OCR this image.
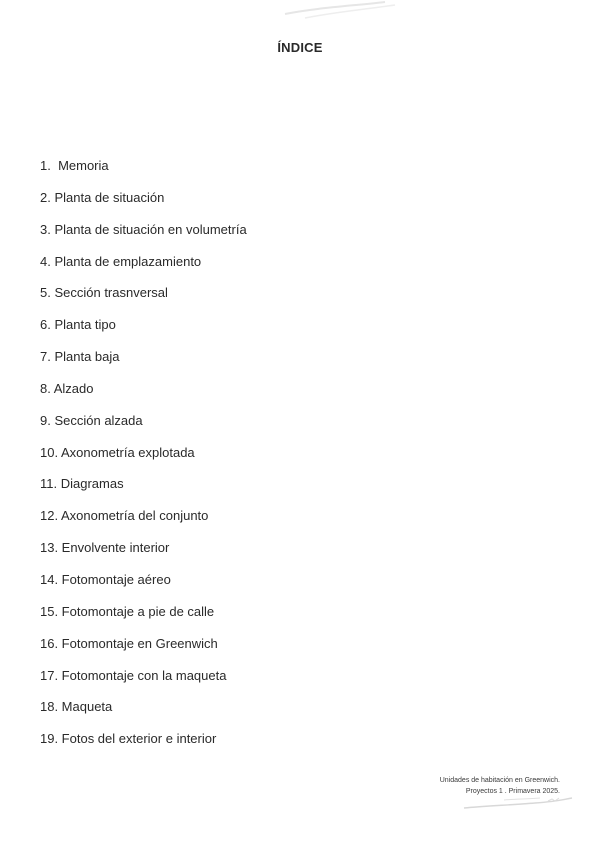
ÍNDICE
1.  Memoria
2. Planta de situación
3. Planta de situación en volumetría
4. Planta de emplazamiento
5. Sección trasnversal
6. Planta tipo
7. Planta baja
8. Alzado
9. Sección alzada
10. Axonometría explotada
11. Diagramas
12. Axonometría del conjunto
13. Envolvente interior
14. Fotomontaje aéreo
15. Fotomontaje a pie de calle
16. Fotomontaje en Greenwich
17. Fotomontaje con la maqueta
18. Maqueta
19. Fotos del exterior e interior
Unidades de habitación en Greenwich.
Proyectos 1 . Primavera 2025.
